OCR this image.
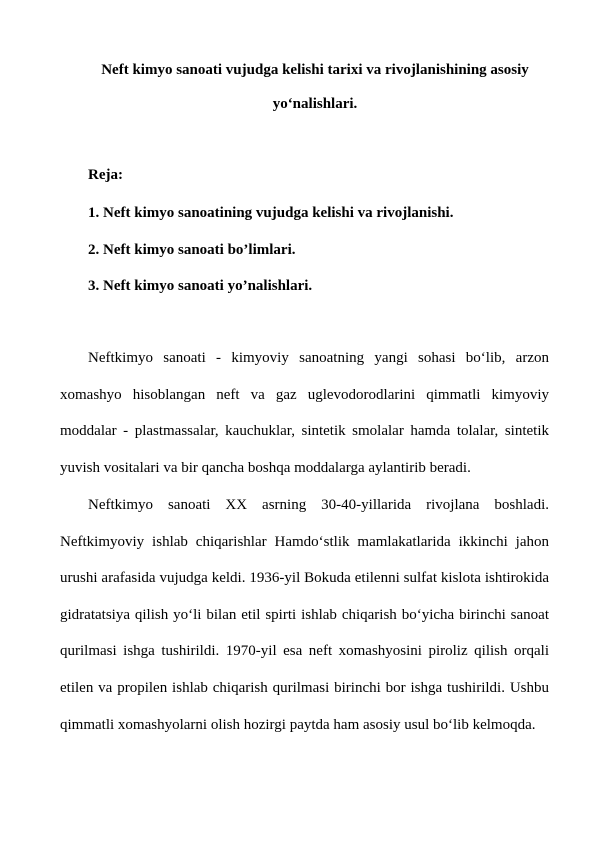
Neft kimyo sanoati vujudga kelishi tarixi va rivojlanishining asosiy

yo‘nalishlari.

Reja:

1. Neft kimyo sanoatining vujudga kelishi va rivojlanishi.

2. Neft kimyo sanoati bo’limlari.

3. Neft kimyo sanoati yo’nalishlari.

Neftkimyo sanoati - kimyoviy sanoatning yangi sohasi bo‘lib, arzon xomashyo hisoblangan neft va gaz uglevodorodlarini qimmatli kimyoviy moddalar - plastmassalar, kauchuklar, sintetik smolalar hamda tolalar, sintetik yuvish vositalari va bir qancha boshqa moddalarga aylantirib beradi.

Neftkimyo sanoati XX asrning 30-40-yillarida rivojlana boshladi. Neftkimyoviy ishlab chiqarishlar Hamdo‘stlik mamlakatlarida ikkinchi jahon urushi arafasida vujudga keldi. 1936-yil Bokuda etilenni sulfat kislota ishtirokida gidratatsiya qilish yo‘li bilan etil spirti ishlab chiqarish bo‘yicha birinchi sanoat qurilmasi ishga tushirildi. 1970-yil esa neft xomashyosini piroliz qilish orqali etilen va propilen ishlab chiqarish qurilmasi birinchi bor ishga tushirildi. Ushbu qimmatli xomashyolarni olish hozirgi paytda ham asosiy usul bo‘lib kelmoqda.
